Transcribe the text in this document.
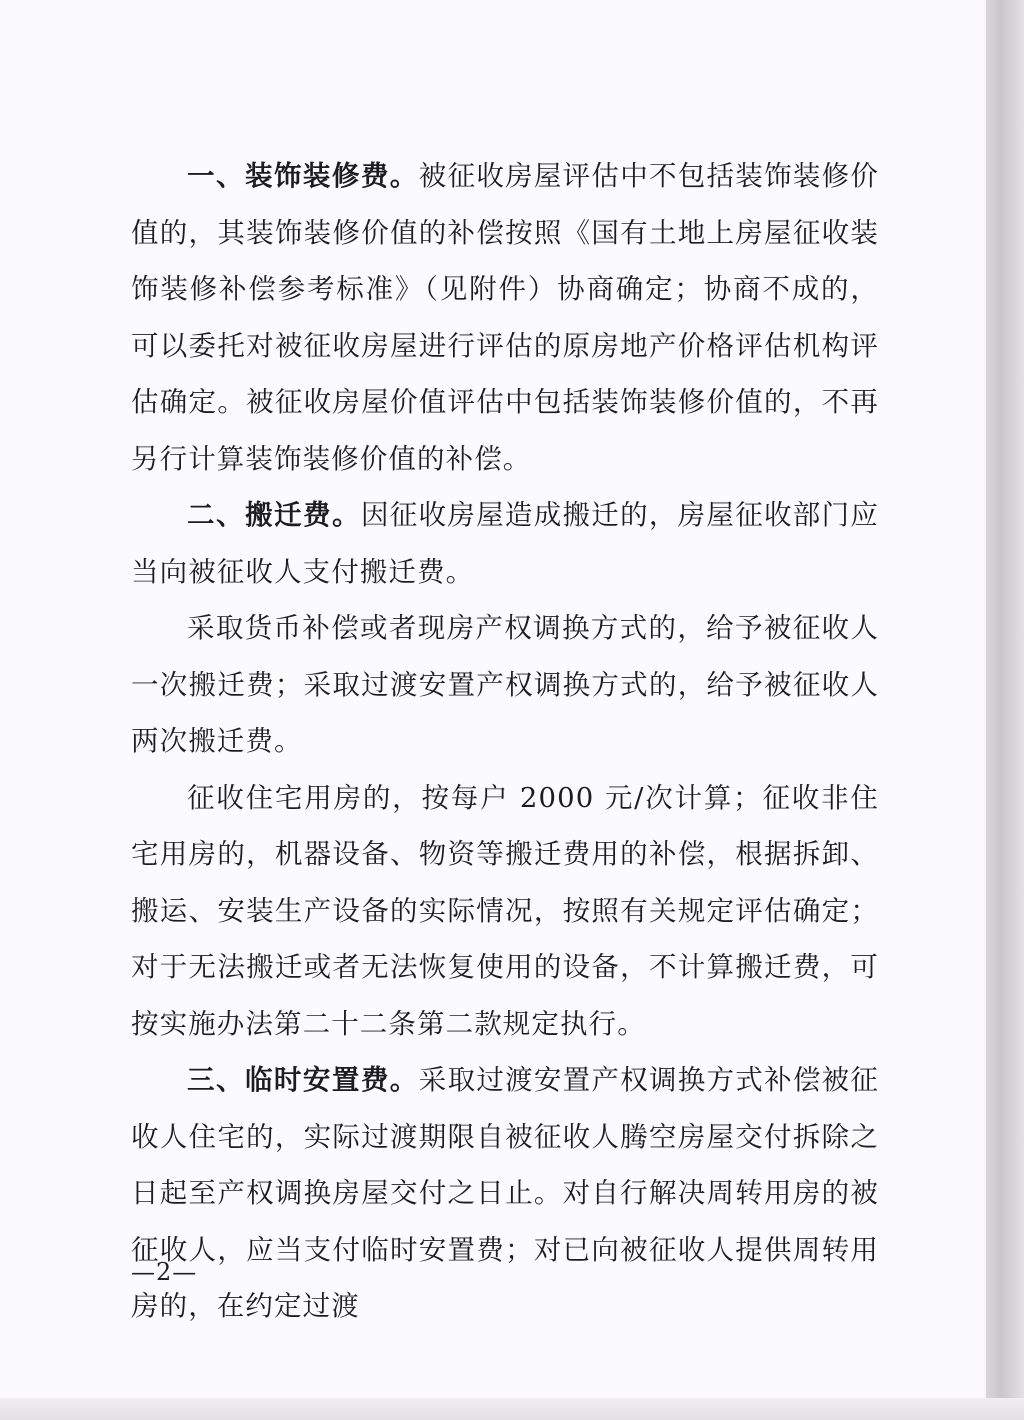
一、装饰装修费。被征收房屋评估中不包括装饰装修价值的，其装饰装修价值的补偿按照《国有土地上房屋征收装饰装修补偿参考标准》（见附件）协商确定；协商不成的，可以委托对被征收房屋进行评估的原房地产价格评估机构评估确定。被征收房屋价值评估中包括装饰装修价值的，不再另行计算装饰装修价值的补偿。

二、搬迁费。因征收房屋造成搬迁的，房屋征收部门应当向被征收人支付搬迁费。

采取货币补偿或者现房产权调换方式的，给予被征收人一次搬迁费；采取过渡安置产权调换方式的，给予被征收人两次搬迁费。

征收住宅用房的，按每户 2000 元/次计算；征收非住宅用房的，机器设备、物资等搬迁费用的补偿，根据拆卸、搬运、安装生产设备的实际情况，按照有关规定评估确定；对于无法搬迁或者无法恢复使用的设备，不计算搬迁费，可按实施办法第二十二条第二款规定执行。

三、临时安置费。采取过渡安置产权调换方式补偿被征收人住宅的，实际过渡期限自被征收人腾空房屋交付拆除之日起至产权调换房屋交付之日止。对自行解决周转用房的被征收人，应当支付临时安置费；对已向被征收人提供周转用房的，在约定过渡

—2—
